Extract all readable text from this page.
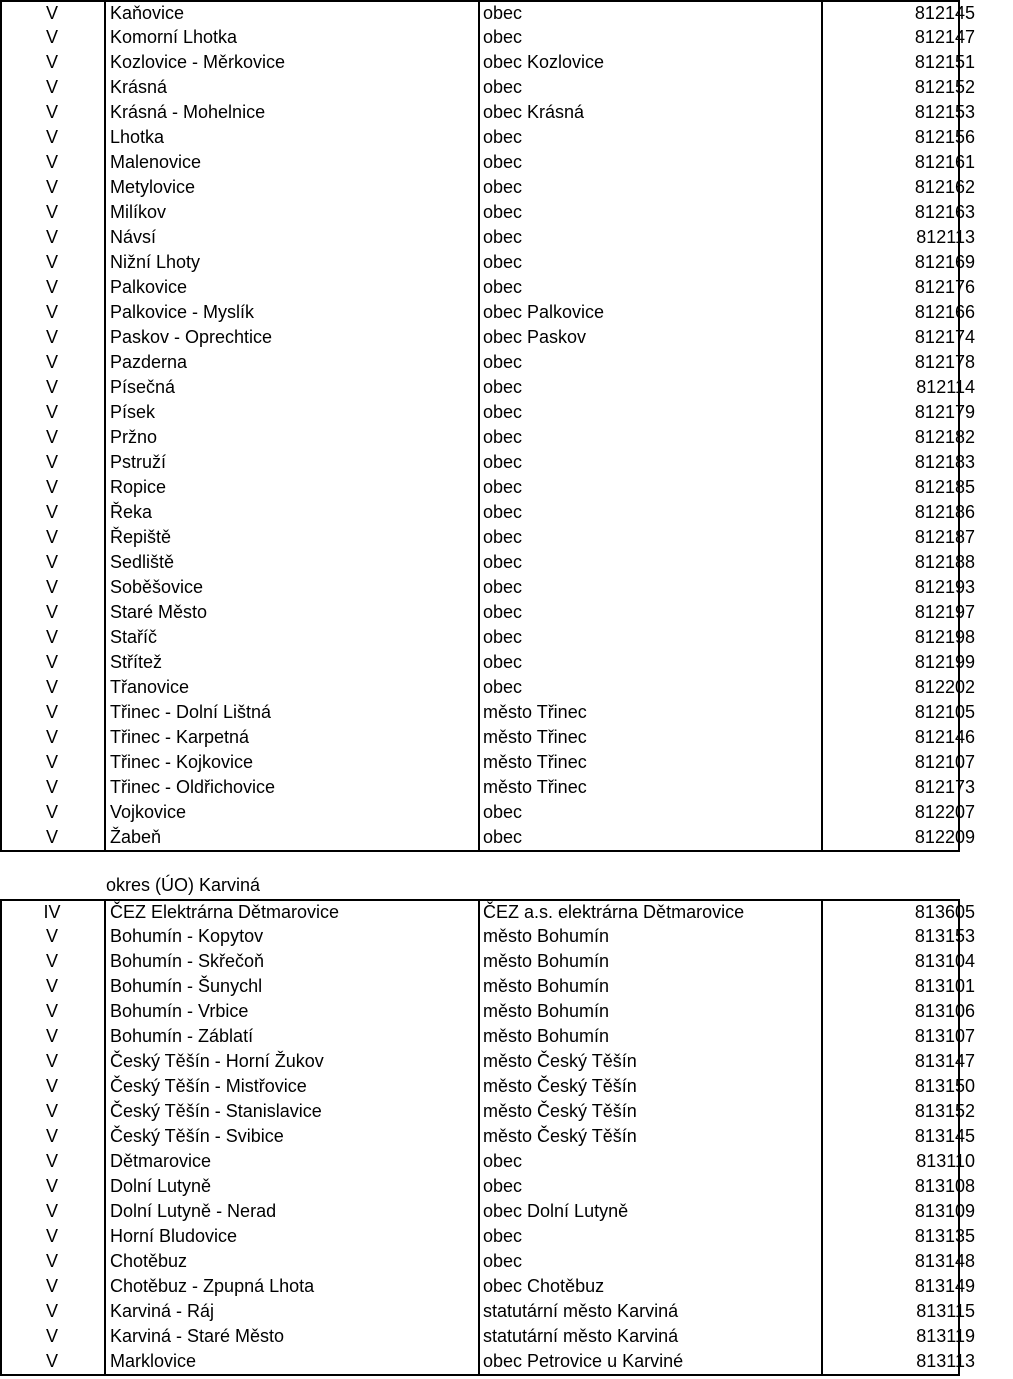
V	Kaňovice	obec	812145
V	Komorní Lhotka	obec	812147
V	Kozlovice - Měrkovice	obec Kozlovice	812151
V	Krásná	obec	812152
V	Krásná - Mohelnice	obec Krásná	812153
V	Lhotka	obec	812156
V	Malenovice	obec	812161
V	Metylovice	obec	812162
V	Milíkov	obec	812163
V	Návsí	obec	812113
V	Nižní Lhoty	obec	812169
V	Palkovice	obec	812176
V	Palkovice - Myslík	obec Palkovice	812166
V	Paskov - Oprechtice	obec Paskov	812174
V	Pazderna	obec	812178
V	Písečná	obec	812114
V	Písek	obec	812179
V	Pržno	obec	812182
V	Pstruží	obec	812183
V	Ropice	obec	812185
V	Řeka	obec	812186
V	Řepiště	obec	812187
V	Sedliště	obec	812188
V	Soběšovice	obec	812193
V	Staré Město	obec	812197
V	Staříč	obec	812198
V	Střítež	obec	812199
V	Třanovice	obec	812202
V	Třinec - Dolní Lištná	město Třinec	812105
V	Třinec - Karpetná	město Třinec	812146
V	Třinec - Kojkovice	město Třinec	812107
V	Třinec - Oldřichovice	město Třinec	812173
V	Vojkovice	obec	812207
V	Žabeň	obec	812209
okres (ÚO) Karviná
IV	ČEZ Elektrárna Dětmarovice	ČEZ a.s. elektrárna Dětmarovice	813605
V	Bohumín - Kopytov	město Bohumín	813153
V	Bohumín - Skřečoň	město Bohumín	813104
V	Bohumín - Šunychl	město Bohumín	813101
V	Bohumín - Vrbice	město Bohumín	813106
V	Bohumín - Záblatí	město Bohumín	813107
V	Český Těšín - Horní Žukov	město Český Těšín	813147
V	Český Těšín - Mistřovice	město Český Těšín	813150
V	Český Těšín - Stanislavice	město Český Těšín	813152
V	Český Těšín - Svibice	město Český Těšín	813145
V	Dětmarovice	obec	813110
V	Dolní Lutyně	obec	813108
V	Dolní Lutyně - Nerad	obec Dolní Lutyně	813109
V	Horní Bludovice	obec	813135
V	Chotěbuz	obec	813148
V	Chotěbuz - Zpupná Lhota	obec Chotěbuz	813149
V	Karviná - Ráj	statutární město Karviná	813115
V	Karviná - Staré Město	statutární město Karviná	813119
V	Marklovice	obec Petrovice u Karviné	813113
